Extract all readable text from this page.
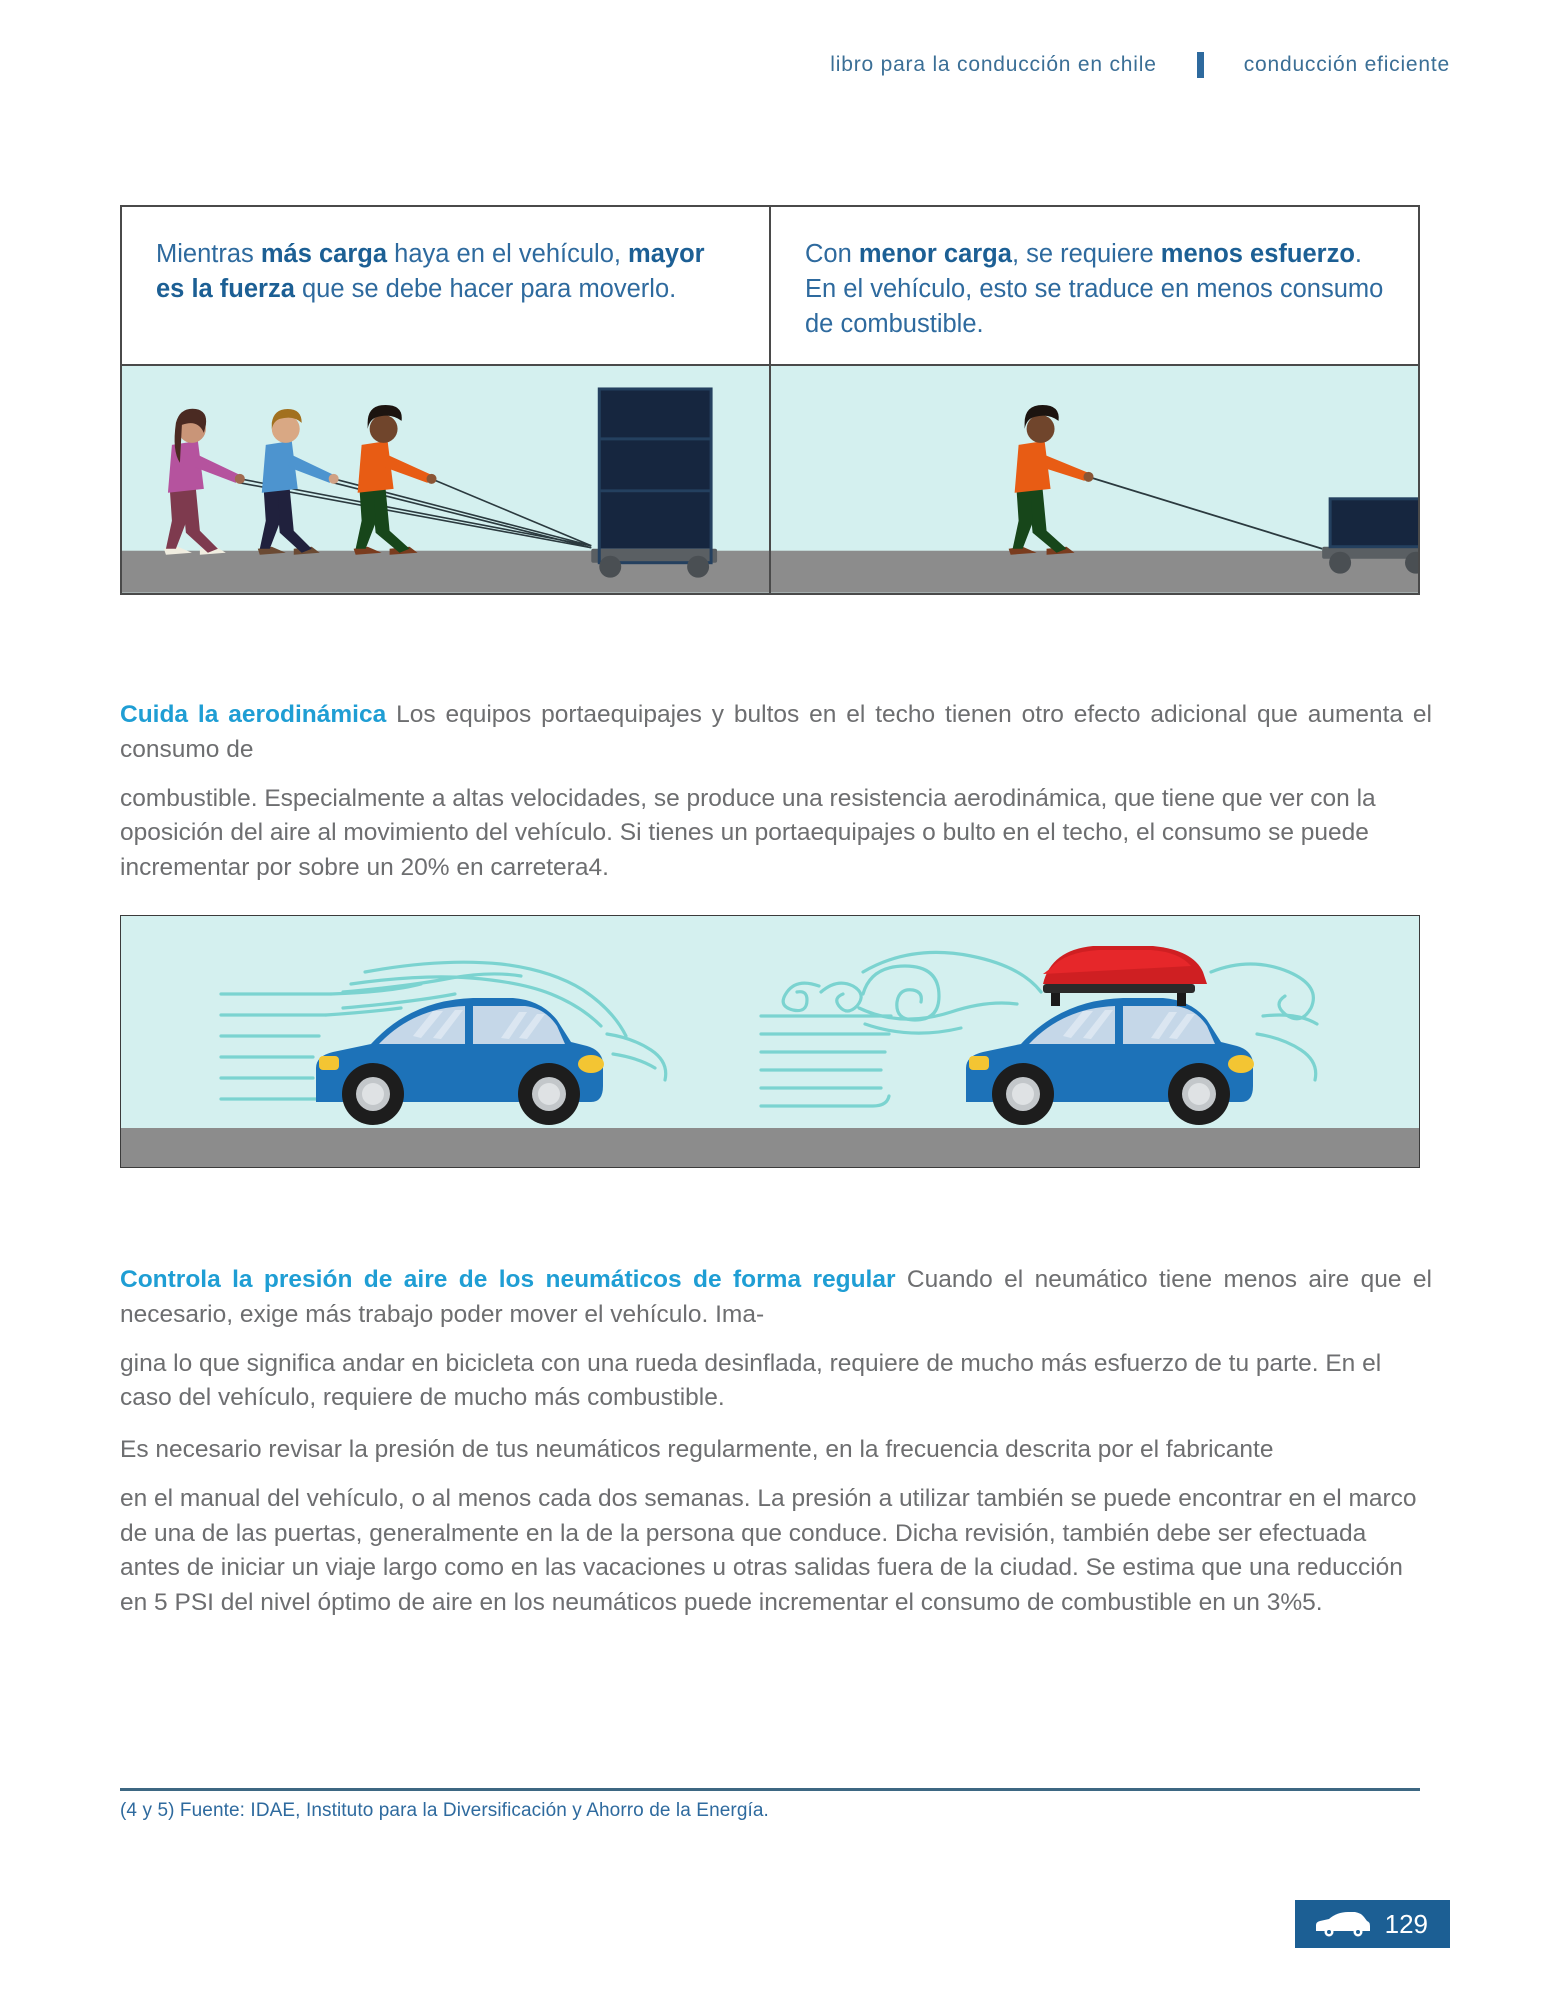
libro para la conducción en chile	conducción eficiente
Mientras más carga haya en el vehículo, mayor es la fuerza que se debe hacer para moverlo.
Con menor carga, se requiere menos esfuerzo. En el vehículo, esto se traduce en menos consumo de combustible.
Cuida la aerodinámica Los equipos portaequipajes y bultos en el techo tienen otro efecto adicional que aumenta el consumo de
combustible. Especialmente a altas velocidades, se produce una resistencia aerodinámica, que tiene que ver con la oposición del aire al movimiento del vehículo. Si tienes un portaequipajes o bulto en el techo, el consumo se puede incrementar por sobre un 20% en carretera4.
Controla la presión de aire de los neumáticos de forma regular Cuando el neumático tiene menos aire que el necesario, exige más trabajo poder mover el vehículo. Ima-
gina lo que significa andar en bicicleta con una rueda desinflada, requiere de mucho más esfuerzo de tu parte. En el caso del vehículo, requiere de mucho más combustible.
Es necesario revisar la presión de tus neumáticos regularmente, en la frecuencia descrita por el fabricante
en el manual del vehículo, o al menos cada dos semanas. La presión a utilizar también se puede encontrar en el marco de una de las puertas, generalmente en la de la persona que conduce. Dicha revisión, también debe ser efectuada antes de iniciar un viaje largo como en las vacaciones u otras salidas fuera de la ciudad. Se estima que una reducción en 5 PSI del nivel óptimo de aire en los neumáticos puede incrementar el consumo de combustible en un 3%5.
(4 y 5) Fuente: IDAE, Instituto para la Diversificación y Ahorro de la Energía.
129
